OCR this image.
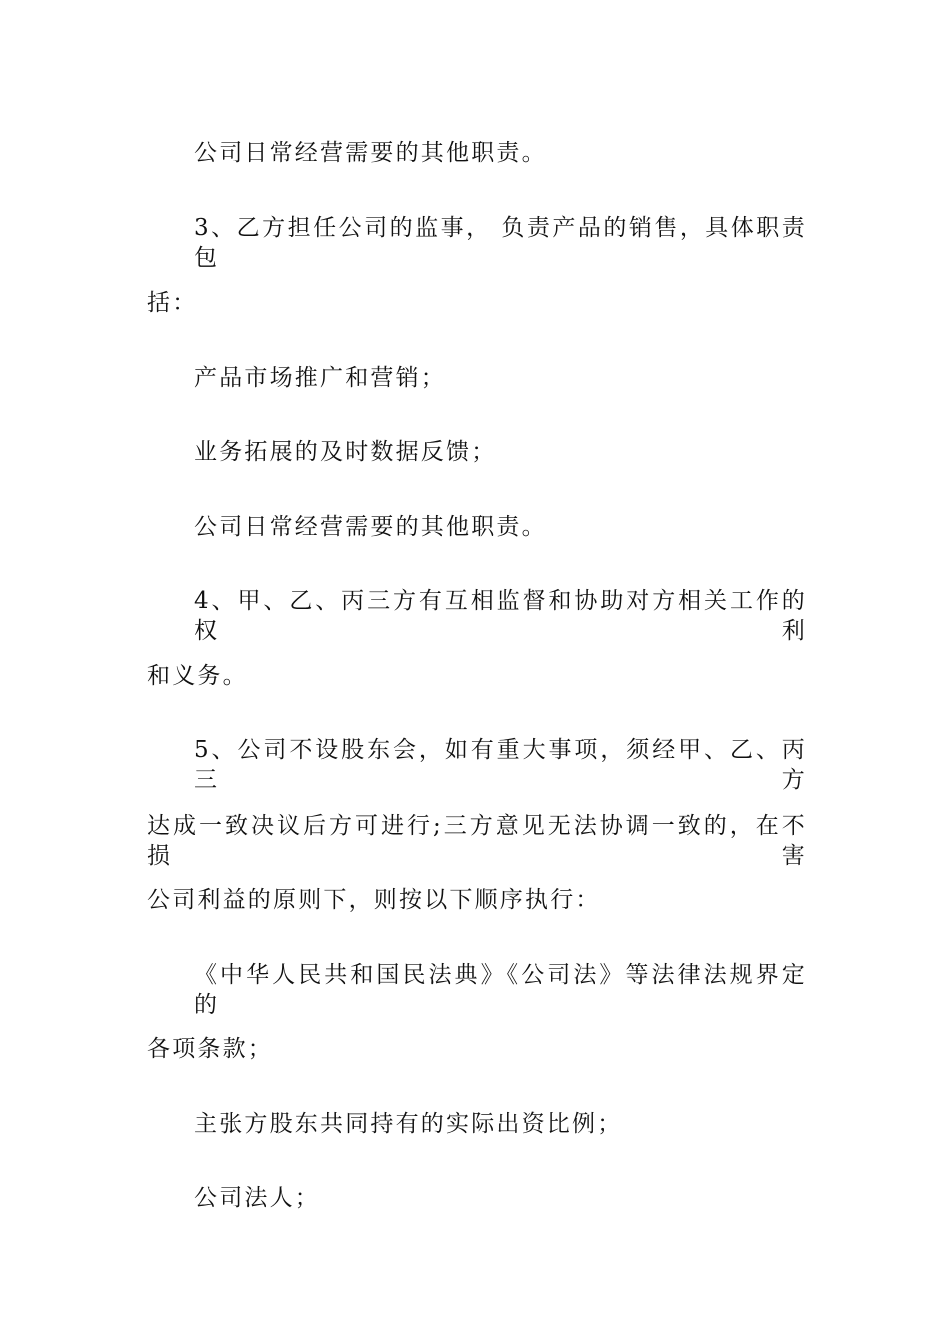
公司日常经营需要的其他职责。
3、乙方担任公司的监事， 负责产品的销售，具体职责包
括：
产品市场推广和营销；
业务拓展的及时数据反馈；
公司日常经营需要的其他职责。
4、甲、乙、丙三方有互相监督和协助对方相关工作的权利
和义务。
5、公司不设股东会，如有重大事项，须经甲、乙、丙三方
达成一致决议后方可进行;三方意见无法协调一致的，在不损害
公司利益的原则下，则按以下顺序执行：
《中华人民共和国民法典》《公司法》等法律法规界定的
各项条款；
主张方股东共同持有的实际出资比例；
公司法人；
